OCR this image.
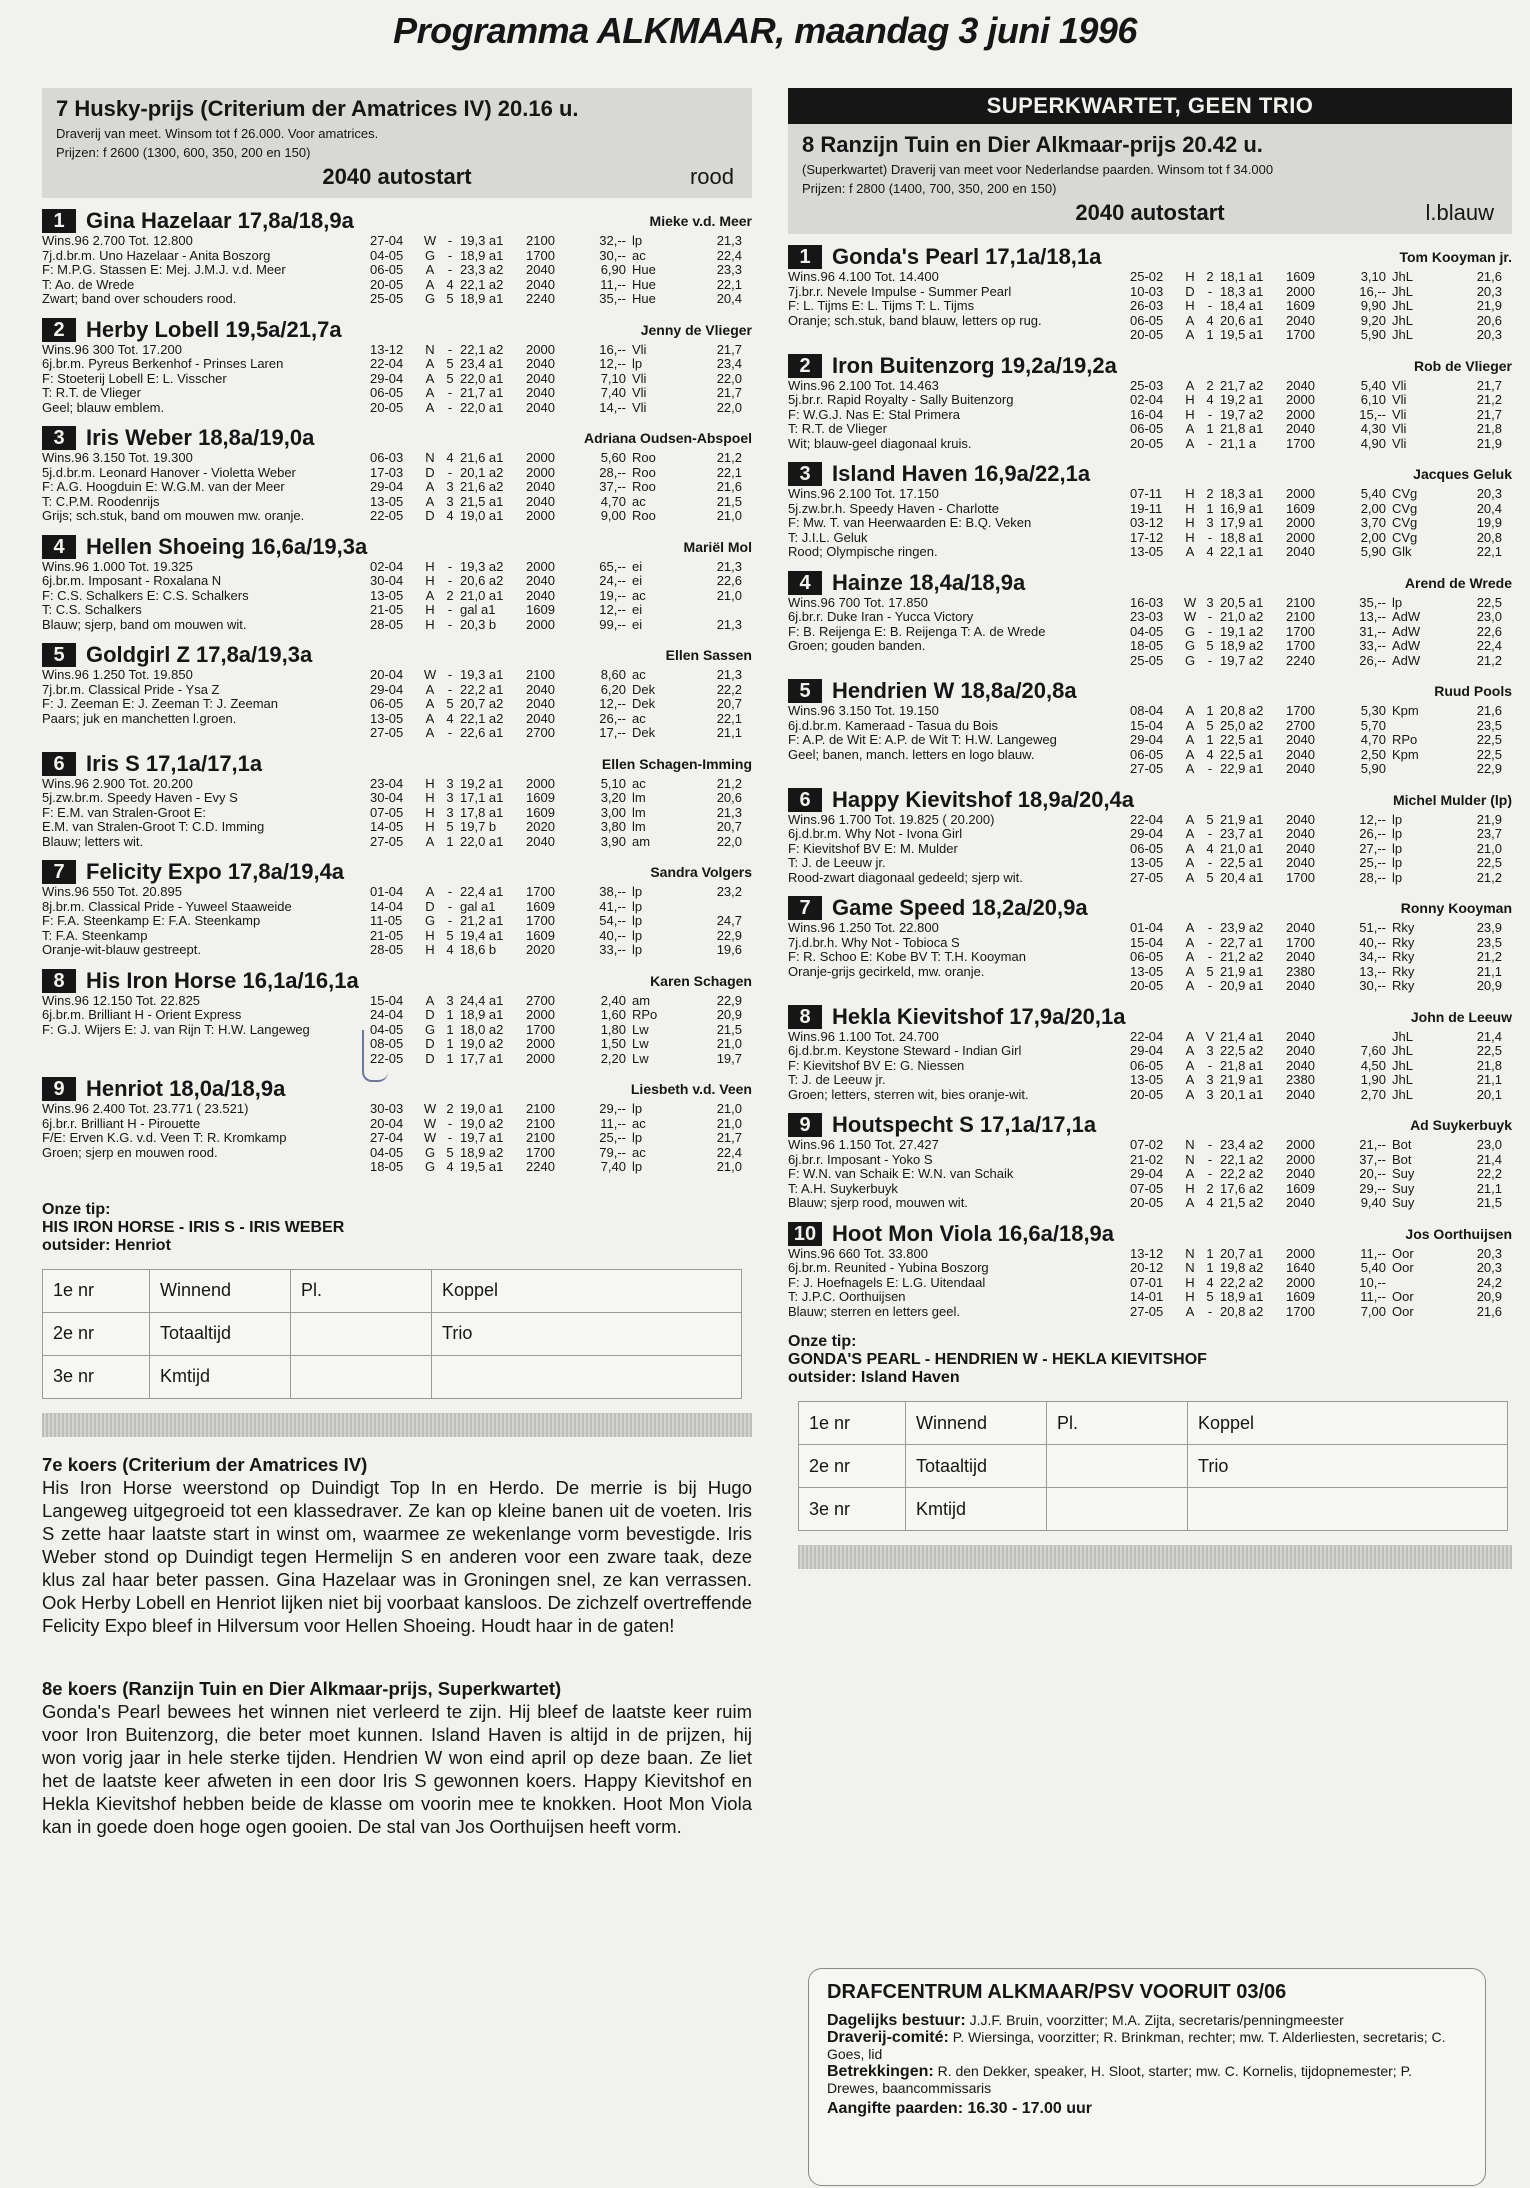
Programma ALKMAAR, maandag 3 juni 1996
7 Husky-prijs (Criterium der Amatrices IV) 20.16 u.
Draverij van meet. Winsom tot f 26.000. Voor amatrices.
Prijzen: f 2600 (1300, 600, 350, 200 en 150)
2040 autostart	rood
1 Gina Hazelaar 17,8a/18,9a	Mieke v.d. Meer
Wins.96 2.700 Tot. 12.800
7j.d.br.m. Uno Hazelaar - Anita Boszorg
F: M.P.G. Stassen E: Mej. J.M.J. v.d. Meer
T: Ao. de Wrede
Zwart; band over schouders rood.
27-04	W - 19,3 a1	2100	32,-- lp	21,3
04-05	G - 18,9 a1	1700	30,-- ac	22,4
06-05	A	- 23,3 a2	2040	6,90 Hue	23,3
20-05	A 4 22,1 a2	2040	11,-- Hue	22,1
25-05	G 5 18,9 a1	2240	35,-- Hue	20,4
2 Herby Lobell 19,5a/21,7a	Jenny de Vlieger
Wins.96 300 Tot. 17.200
6j.br.m. Pyreus Berkenhof - Prinses Laren
F: Stoeterij Lobell E: L. Visscher
T: R.T. de Vlieger
Geel; blauw emblem.
13-12	N	- 22,1 a2	2000	16,-- Vli	21,7
22-04	A 5 23,4 a1	2040	12,-- lp	23,4
29-04	A 5 22,0 a1	2040	7,10 Vli	22,0
06-05	A	- 21,7 a1	2040	7,40 Vli	21,7
20-05	A	- 22,0 a1	2040	14,-- Vli	22,0
3 Iris Weber 18,8a/19,0a	Adriana Oudsen-Abspoel
Wins.96 3.150 Tot. 19.300
5j.d.br.m. Leonard Hanover - Violetta Weber
F: A.G. Hoogduin E: W.G.M. van der Meer
T: C.P.M. Roodenrijs
Grijs; sch.stuk, band om mouwen mw. oranje.
06-03	N 4 21,6 a1	2000	5,60 Roo	21,2
17-03	D	- 20,1 a2	2000	28,-- Roo	22,1
29-04	A 3 21,6 a2	2040	37,-- Roo	21,6
13-05	A 3 21,5 a1	2040	4,70 ac	21,5
22-05	D 4 19,0 a1	2000	9,00 Roo	21,0
4 Hellen Shoeing 16,6a/19,3a	Mariël Mol
Wins.96 1.000 Tot. 19.325
6j.br.m. Imposant - Roxalana N
F: C.S. Schalkers E: C.S. Schalkers
T: C.S. Schalkers
Blauw; sjerp, band om mouwen wit.
02-04	H	- 19,3 a2	2000	65,-- ei	21,3
30-04	H	- 20,6 a2	2040	24,-- ei	22,6
13-05	A 2 21,0 a1	2040	19,-- ac	21,0
21-05	H	- gal a1	1609	12,-- ei
28-05	H	- 20,3 b	2000	99,-- ei	21,3
5 Goldgirl Z 17,8a/19,3a	Ellen Sassen
Wins.96 1.250 Tot. 19.850
7j.br.m. Classical Pride - Ysa Z
F: J. Zeeman E: J. Zeeman T: J. Zeeman
Paars; juk en manchetten l.groen.

20-04	W - 19,3 a1	2100	8,60 ac	21,3
29-04	A	- 22,2 a1	2040	6,20 Dek	22,2
06-05	A 5 20,7 a2	2040	12,-- Dek	20,7
13-05	A 4 22,1 a2	2040	26,-- ac	22,1
27-05	A	- 22,6 a1	2700	17,-- Dek	21,1
6 Iris S 17,1a/17,1a	Ellen Schagen-Imming
Wins.96 2.900 Tot. 20.200
5j.zw.br.m. Speedy Haven - Evy S
F: E.M. van Stralen-Groot E:
E.M. van Stralen-Groot T: C.D. Imming
Blauw; letters wit.
23-04	H 3 19,2 a1	2000	5,10 ac	21,2
30-04	H 3 17,1 a1	1609	3,20 lm	20,6
07-05	H 3 17,8 a1	1609	3,00 lm	21,3
14-05	H 5 19,7 b	2020	3,80 lm	20,7
27-05	A 1 22,0 a1	2040	3,90 am	22,0
7 Felicity Expo 17,8a/19,4a	Sandra Volgers
Wins.96 550 Tot. 20.895
8j.br.m. Classical Pride - Yuweel Staaweide
F: F.A. Steenkamp E: F.A. Steenkamp
T: F.A. Steenkamp
Oranje-wit-blauw gestreept.
01-04	A	- 22,4 a1	1700	38,-- lp	23,2
14-04	D	- gal a1	1609	41,-- lp
11-05	G - 21,2 a1	1700	54,-- lp	24,7
21-05	H 5 19,4 a1	1609	40,-- lp	22,9
28-05	H 4 18,6 b	2020	33,-- lp	19,6
8 His Iron Horse 16,1a/16,1a	Karen Schagen
Wins.96 12.150 Tot. 22.825
6j.br.m. Brilliant H - Orient Express
F: G.J. Wijers E: J. van Rijn T: H.W. Langeweg

15-04	A 3 24,4 a1	2700	2,40 am	22,9
24-04	D 1 18,9 a1	2000	1,60 RPo	20,9
04-05	G 1 18,0 a2	1700	1,80 Lw	21,5
08-05	D 1 19,0 a2	2000	1,50 Lw	21,0
22-05	D 1 17,7 a1	2000	2,20 Lw	19,7
9 Henriot 18,0a/18,9a	Liesbeth v.d. Veen
Wins.96 2.400 Tot. 23.771 ( 23.521)
6j.br.r. Brilliant H - Pirouette
F/E: Erven K.G. v.d. Veen T: R. Kromkamp
Groen; sjerp en mouwen rood.

30-03	W 2 19,0 a1	2100	29,-- lp	21,0
20-04	W - 19,0 a2	2100	11,-- ac	21,0
27-04	W - 19,7 a1	2100	25,-- lp	21,7
04-05	G 5 18,9 a2	1700	79,-- ac	22,4
18-05	G 4 19,5 a1	2240	7,40 lp	21,0
Onze tip:
HIS IRON HORSE - IRIS S - IRIS WEBER
outsider: Henriot
1e nr	Winnend	Pl.	Koppel
2e nr	Totaaltijd		Trio
3e nr	Kmtijd		
7e koers (Criterium der Amatrices IV)
His Iron Horse weerstond op Duindigt Top In en Herdo. De merrie is bij Hugo Langeweg uitgegroeid tot een klassedraver. Ze kan op kleine banen uit de voeten. Iris S zette haar laatste start in winst om, waarmee ze wekenlange vorm bevestigde. Iris Weber stond op Duindigt tegen Hermelijn S en anderen voor een zware taak, deze klus zal haar beter passen. Gina Hazelaar was in Groningen snel, ze kan verrassen. Ook Herby Lobell en Henriot lijken niet bij voorbaat kansloos. De zichzelf overtreffende Felicity Expo bleef in Hilversum voor Hellen Shoeing. Houdt haar in de gaten!
8e koers (Ranzijn Tuin en Dier Alkmaar-prijs, Superkwartet)
Gonda's Pearl bewees het winnen niet verleerd te zijn. Hij bleef de laatste keer ruim voor Iron Buitenzorg, die beter moet kunnen. Island Haven is altijd in de prijzen, hij won vorig jaar in hele sterke tijden. Hendrien W won eind april op deze baan. Ze liet het de laatste keer afweten in een door Iris S gewonnen koers. Happy Kievitshof en Hekla Kievitshof hebben beide de klasse om voorin mee te knokken. Hoot Mon Viola kan in goede doen hoge ogen gooien. De stal van Jos Oorthuijsen heeft vorm.
SUPERKWARTET, GEEN TRIO
8 Ranzijn Tuin en Dier Alkmaar-prijs 20.42 u.
(Superkwartet) Draverij van meet voor Nederlandse paarden. Winsom tot f 34.000
Prijzen: f 2800 (1400, 700, 350, 200 en 150)
2040 autostart	l.blauw
1 Gonda's Pearl 17,1a/18,1a	Tom Kooyman jr.
Wins.96 4.100 Tot. 14.400
7j.br.r. Nevele Impulse - Summer Pearl
F: L. Tijms E: L. Tijms T: L. Tijms
Oranje; sch.stuk, band blauw, letters op rug.

25-02	H 2 18,1 a1	1609	3,10 JhL	21,6
10-03	D	- 18,3 a1	2000	16,-- JhL	20,3
26-03	H	- 18,4 a1	1609	9,90 JhL	21,9
06-05	A 4 20,6 a1	2040	9,20 JhL	20,6
20-05	A 1 19,5 a1	1700	5,90 JhL	20,3
2 Iron Buitenzorg 19,2a/19,2a	Rob de Vlieger
Wins.96 2.100 Tot. 14.463
5j.br.r. Rapid Royalty - Sally Buitenzorg
F: W.G.J. Nas E: Stal Primera
T: R.T. de Vlieger
Wit; blauw-geel diagonaal kruis.
25-03	A 2 21,7 a2	2040	5,40 Vli	21,7
02-04	H 4 19,2 a1	2000	6,10 Vli	21,2
16-04	H	- 19,7 a2	2000	15,-- Vli	21,7
06-05	A 1 21,8 a1	2040	4,30 Vli	21,8
20-05	A	- 21,1 a	1700	4,90 Vli	21,9
3 Island Haven 16,9a/22,1a	Jacques Geluk
Wins.96 2.100 Tot. 17.150
5j.zw.br.h. Speedy Haven - Charlotte
F: Mw. T. van Heerwaarden E: B.Q. Veken
T: J.I.L. Geluk
Rood; Olympische ringen.
07-11	H 2 18,3 a1	2000	5,40 CVg	20,3
19-11	H 1 16,9 a1	1609	2,00 CVg	20,4
03-12	H 3 17,9 a1	2000	3,70 CVg	19,9
17-12	H	- 18,8 a1	2000	2,00 CVg	20,8
13-05	A 4 22,1 a1	2040	5,90 Glk	22,1
4 Hainze 18,4a/18,9a	Arend de Wrede
Wins.96 700 Tot. 17.850
6j.br.r. Duke Iran - Yucca Victory
F: B. Reijenga E: B. Reijenga T: A. de Wrede
Groen; gouden banden.

16-03	W 3 20,5 a1	2100	35,-- lp	22,5
23-03	W - 21,0 a2	2100	13,-- AdW	23,0
04-05	G - 19,1 a2	1700	31,-- AdW	22,6
18-05	G 5 18,9 a2	1700	33,-- AdW	22,4
25-05	G - 19,7 a2	2240	26,-- AdW	21,2
5 Hendrien W 18,8a/20,8a	Ruud Pools
Wins.96 3.150 Tot. 19.150
6j.d.br.m. Kameraad - Tasua du Bois
F: A.P. de Wit E: A.P. de Wit T: H.W. Langeweg
Geel; banen, manch. letters en logo blauw.

08-04	A 1 20,8 a2	1700	5,30 Kpm	21,6
15-04	A 5 25,0 a2	2700	5,70	23,5
29-04	A 1 22,5 a1	2040	4,70 RPo	22,5
06-05	A 4 22,5 a1	2040	2,50 Kpm	22,5
27-05	A	- 22,9 a1	2040	5,90	22,9
6 Happy Kievitshof 18,9a/20,4a	Michel Mulder (lp)
Wins.96 1.700 Tot. 19.825 ( 20.200)
6j.d.br.m. Why Not - Ivona Girl
F: Kievitshof BV E: M. Mulder
T: J. de Leeuw jr.
Rood-zwart diagonaal gedeeld; sjerp wit.
22-04	A 5 21,9 a1	2040	12,-- lp	21,9
29-04	A	- 23,7 a1	2040	26,-- lp	23,7
06-05	A 4 21,0 a1	2040	27,-- lp	21,0
13-05	A	- 22,5 a1	2040	25,-- lp	22,5
27-05	A 5 20,4 a1	1700	28,-- lp	21,2
7 Game Speed 18,2a/20,9a	Ronny Kooyman
Wins.96 1.250 Tot. 22.800
7j.d.br.h. Why Not - Tobioca S
F: R. Schoo E: Kobe BV T: T.H. Kooyman
Oranje-grijs gecirkeld, mw. oranje.

01-04	A	- 23,9 a2	2040	51,-- Rky	23,9
15-04	A	- 22,7 a1	1700	40,-- Rky	23,5
06-05	A	- 21,2 a2	2040	34,-- Rky	21,2
13-05	A 5 21,9 a1	2380	13,-- Rky	21,1
20-05	A	- 20,9 a1	2040	30,-- Rky	20,9
8 Hekla Kievitshof 17,9a/20,1a	John de Leeuw
Wins.96 1.100 Tot. 24.700
6j.d.br.m. Keystone Steward - Indian Girl
F: Kievitshof BV E: G. Niessen
T: J. de Leeuw jr.
Groen; letters, sterren wit, bies oranje-wit.
22-04	A V 21,4 a1	2040	JhL	21,4
29-04	A 3 22,5 a2	2040	7,60 JhL	22,5
06-05	A	- 21,8 a1	2040	4,50 JhL	21,8
13-05	A 3 21,9 a1	2380	1,90 JhL	21,1
20-05	A 3 20,1 a1	2040	2,70 JhL	20,1
9 Houtspecht S 17,1a/17,1a	Ad Suykerbuyk
Wins.96 1.150 Tot. 27.427
6j.br.r. Imposant - Yoko S
F: W.N. van Schaik E: W.N. van Schaik
T: A.H. Suykerbuyk
Blauw; sjerp rood, mouwen wit.
07-02	N	- 23,4 a2	2000	21,-- Bot	23,0
21-02	N	- 22,1 a2	2000	37,-- Bot	21,4
29-04	A	- 22,2 a2	2040	20,-- Suy	22,2
07-05	H 2 17,6 a2	1609	29,-- Suy	21,1
20-05	A 4 21,5 a2	2040	9,40 Suy	21,5
10 Hoot Mon Viola 16,6a/18,9a	Jos Oorthuijsen
Wins.96 660 Tot. 33.800
6j.br.m. Reunited - Yubina Boszorg
F: J. Hoefnagels E: L.G. Uitendaal
T: J.P.C. Oorthuijsen
Blauw; sterren en letters geel.
13-12	N 1 20,7 a1	2000	11,-- Oor	20,3
20-12	N 1 19,8 a2	1640	5,40 Oor	20,3
07-01	H 4 22,2 a2	2000	10,--	24,2
14-01	H 5 18,9 a1	1609	11,-- Oor	20,9
27-05	A	- 20,8 a2	1700	7,00 Oor	21,6
Onze tip:
GONDA'S PEARL - HENDRIEN W - HEKLA KIEVITSHOF
outsider: Island Haven
1e nr	Winnend	Pl.	Koppel
2e nr	Totaaltijd		Trio
3e nr	Kmtijd		
DRAFCENTRUM ALKMAAR/PSV VOORUIT 03/06
Dagelijks bestuur: J.J.F. Bruin, voorzitter; M.A. Zijta, secretaris/penningmeester
Draverij-comité: P. Wiersinga, voorzitter; R. Brinkman, rechter; mw. T. Alderliesten, secretaris; C. Goes, lid
Betrekkingen: R. den Dekker, speaker, H. Sloot, starter; mw. C. Kornelis, tijdopnemester; P. Drewes, baancommissaris
Aangifte paarden: 16.30 - 17.00 uur
